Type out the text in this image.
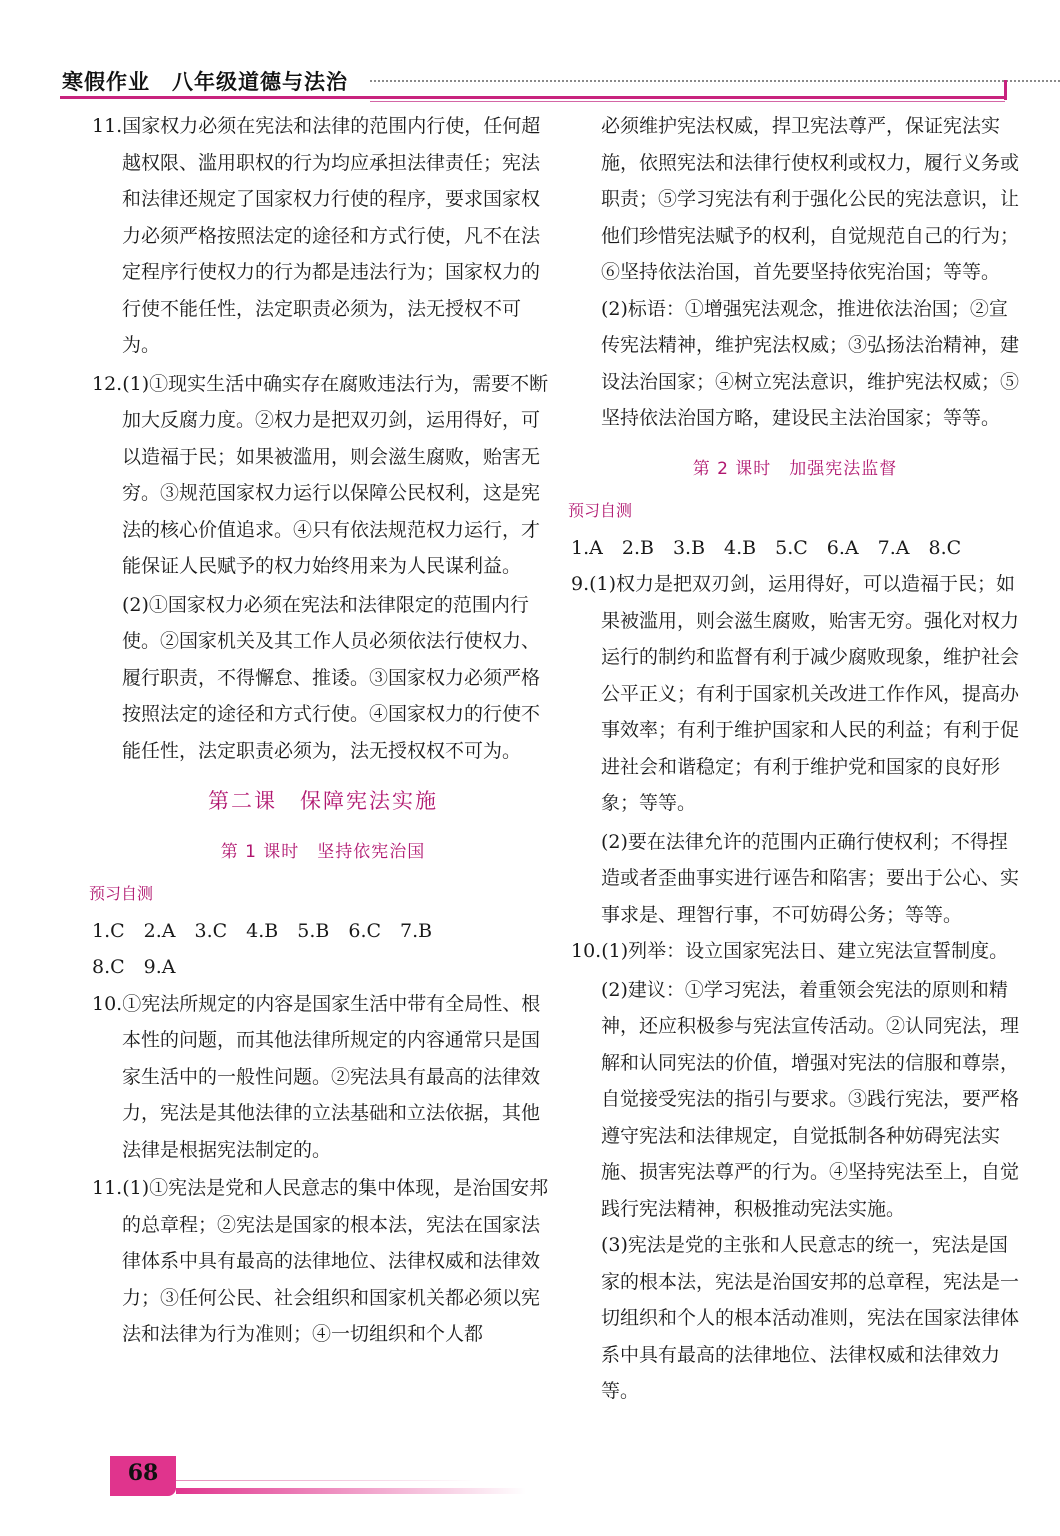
寒假作业　八年级道德与法治

11.国家权力必须在宪法和法律的范围内行使，任何超越权限、滥用职权的行为均应承担法律责任；宪法和法律还规定了国家权力行使的程序，要求国家权力必须严格按照法定的途径和方式行使，凡不在法定程序行使权力的行为都是违法行为；国家权力的行使不能任性，法定职责必须为，法无授权不可为。

12.(1)①现实生活中确实存在腐败违法行为，需要不断加大反腐力度。②权力是把双刃剑，运用得好，可以造福于民；如果被滥用，则会滋生腐败，贻害无穷。③规范国家权力运行以保障公民权利，这是宪法的核心价值追求。④只有依法规范权力运行，才能保证人民赋予的权力始终用来为人民谋利益。

(2)①国家权力必须在宪法和法律限定的范围内行使。②国家机关及其工作人员必须依法行使权力、履行职责，不得懈怠、推诿。③国家权力必须严格按照法定的途径和方式行使。④国家权力的行使不能任性，法定职责必须为，法无授权权不可为。

第二课　保障宪法实施

第 1 课时　坚持依宪治国

预习自测

1.C　2.A　3.C　4.B　5.B　6.C　7.B

8.C　9.A

10.①宪法所规定的内容是国家生活中带有全局性、根本性的问题，而其他法律所规定的内容通常只是国家生活中的一般性问题。②宪法具有最高的法律效力，宪法是其他法律的立法基础和立法依据，其他法律是根据宪法制定的。

11.(1)①宪法是党和人民意志的集中体现，是治国安邦的总章程；②宪法是国家的根本法，宪法在国家法律体系中具有最高的法律地位、法律权威和法律效力；③任何公民、社会组织和国家机关都必须以宪法和法律为行为准则；④一切组织和个人都

必须维护宪法权威，捍卫宪法尊严，保证宪法实施，依照宪法和法律行使权利或权力，履行义务或职责；⑤学习宪法有利于强化公民的宪法意识，让他们珍惜宪法赋予的权利，自觉规范自己的行为；⑥坚持依法治国，首先要坚持依宪治国；等等。

(2)标语：①增强宪法观念，推进依法治国；②宣传宪法精神，维护宪法权威；③弘扬法治精神，建设法治国家；④树立宪法意识，维护宪法权威；⑤坚持依法治国方略，建设民主法治国家；等等。

第 2 课时　加强宪法监督

预习自测

1.A　2.B　3.B　4.B　5.C　6.A　7.A　8.C

9.(1)权力是把双刃剑，运用得好，可以造福于民；如果被滥用，则会滋生腐败，贻害无穷。强化对权力运行的制约和监督有利于减少腐败现象，维护社会公平正义；有利于国家机关改进工作作风，提高办事效率；有利于维护国家和人民的利益；有利于促进社会和谐稳定；有利于维护党和国家的良好形象；等等。

(2)要在法律允许的范围内正确行使权利；不得捏造或者歪曲事实进行诬告和陷害；要出于公心、实事求是、理智行事，不可妨碍公务；等等。

10.(1)列举：设立国家宪法日、建立宪法宣誓制度。

(2)建议：①学习宪法，着重领会宪法的原则和精神，还应积极参与宪法宣传活动。②认同宪法，理解和认同宪法的价值，增强对宪法的信服和尊崇，自觉接受宪法的指引与要求。③践行宪法，要严格遵守宪法和法律规定，自觉抵制各种妨碍宪法实施、损害宪法尊严的行为。④坚持宪法至上，自觉践行宪法精神，积极推动宪法实施。

(3)宪法是党的主张和人民意志的统一，宪法是国家的根本法，宪法是治国安邦的总章程，宪法是一切组织和个人的根本活动准则，宪法在国家法律体系中具有最高的法律地位、法律权威和法律效力等。

68
